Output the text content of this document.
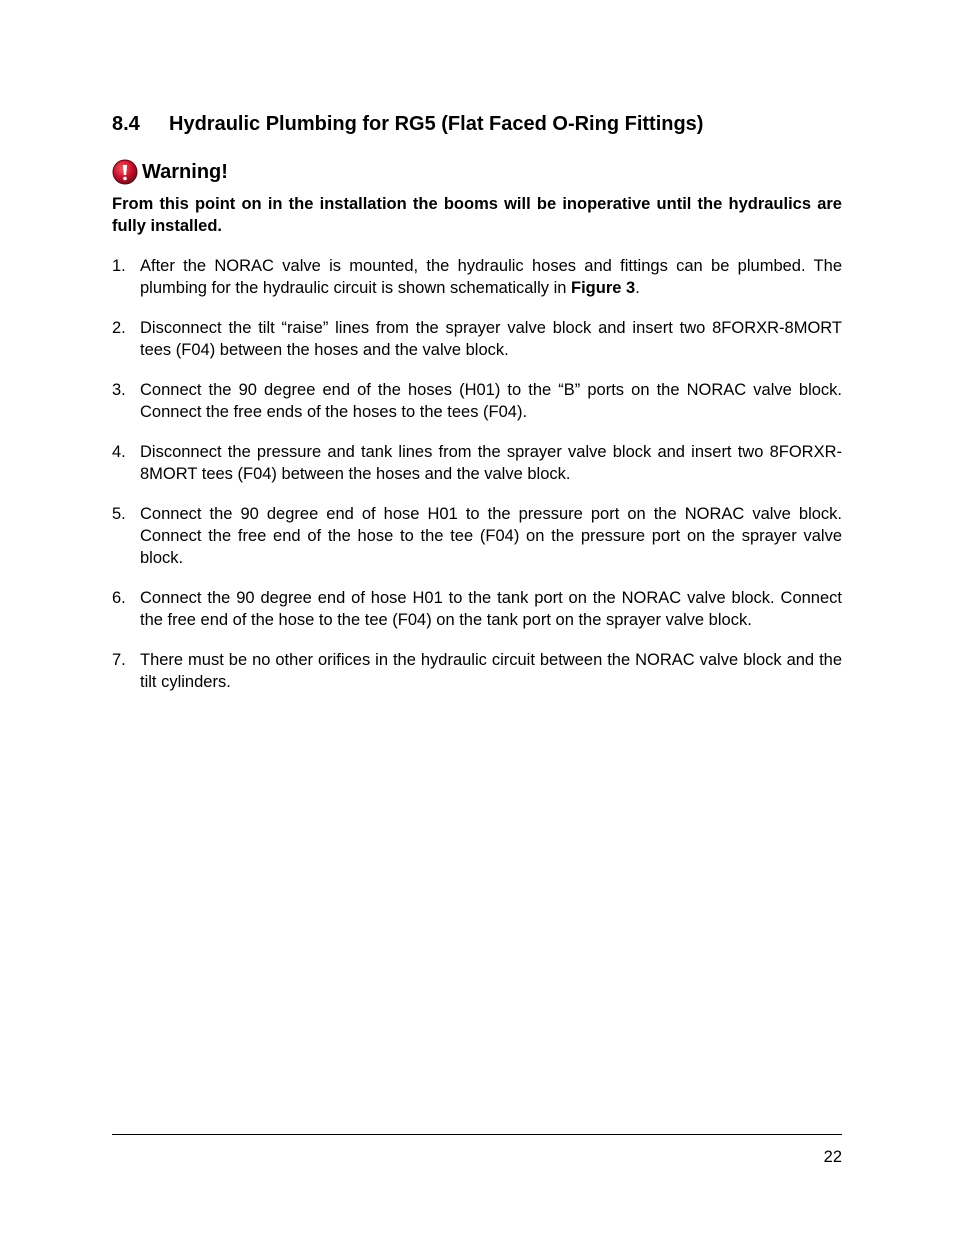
8.4 Hydraulic Plumbing for RG5 (Flat Faced O-Ring Fittings)
Warning!
From this point on in the installation the booms will be inoperative until the hydraulics are fully installed.
1. After the NORAC valve is mounted, the hydraulic hoses and fittings can be plumbed. The plumbing for the hydraulic circuit is shown schematically in Figure 3.
2. Disconnect the tilt “raise” lines from the sprayer valve block and insert two 8FORXR-8MORT tees (F04) between the hoses and the valve block.
3. Connect the 90 degree end of the hoses (H01) to the “B” ports on the NORAC valve block. Connect the free ends of the hoses to the tees (F04).
4. Disconnect the pressure and tank lines from the sprayer valve block and insert two 8FORXR-8MORT tees (F04) between the hoses and the valve block.
5. Connect the 90 degree end of hose H01 to the pressure port on the NORAC valve block. Connect the free end of the hose to the tee (F04) on the pressure port on the sprayer valve block.
6. Connect the 90 degree end of hose H01 to the tank port on the NORAC valve block. Connect the free end of the hose to the tee (F04) on the tank port on the sprayer valve block.
7. There must be no other orifices in the hydraulic circuit between the NORAC valve block and the tilt cylinders.
22
